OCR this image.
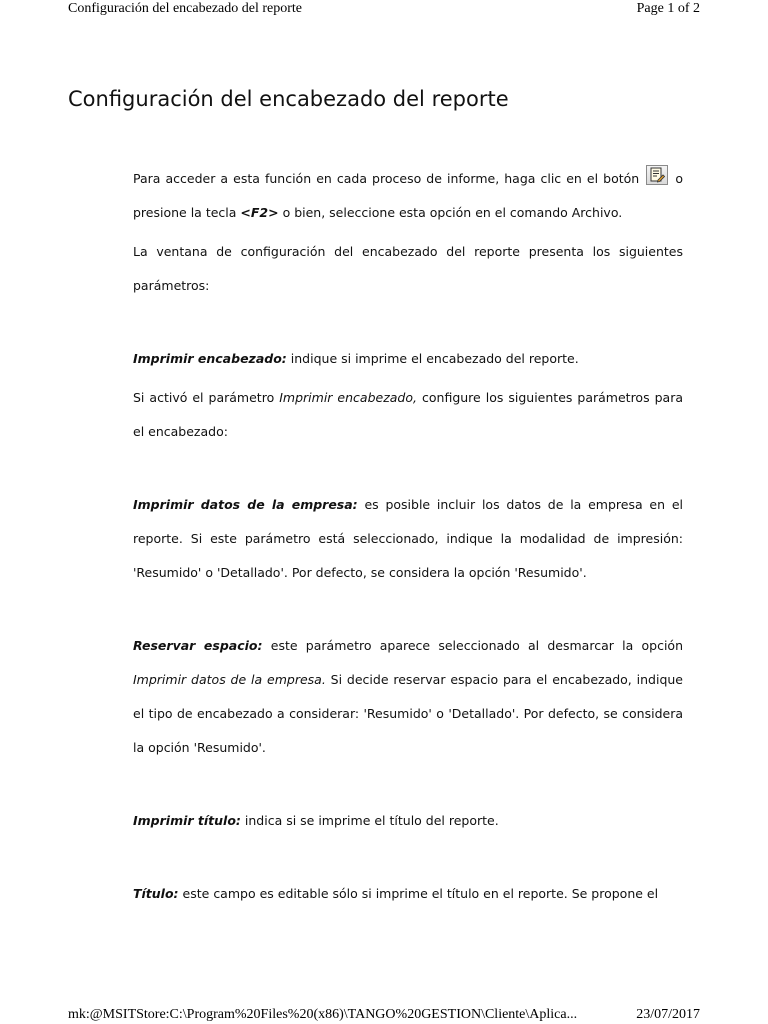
Configuración del encabezado del reporte	Page 1 of 2
Configuración del encabezado del reporte

Para acceder a esta función en cada proceso de informe, haga clic en el botón	o presione la tecla <F2> o bien, seleccione esta opción en el comando Archivo.

La ventana de configuración del encabezado del reporte presenta los siguientes parámetros:

Imprimir encabezado: indique si imprime el encabezado del reporte.

Si activó el parámetro Imprimir encabezado, configure los siguientes parámetros para el encabezado:

Imprimir datos de la empresa: es posible incluir los datos de la empresa en el reporte. Si este parámetro está seleccionado, indique la modalidad de impresión: 'Resumido' o 'Detallado'. Por defecto, se considera la opción 'Resumido'.

Reservar espacio: este parámetro aparece seleccionado al desmarcar la opción Imprimir datos de la empresa. Si decide reservar espacio para el encabezado, indique el tipo de encabezado a considerar: 'Resumido' o 'Detallado'. Por defecto, se considera la opción 'Resumido'.

Imprimir título: indica si se imprime el título del reporte.

Título: este campo es editable sólo si imprime el título en el reporte. Se propone el

mk:@MSITStore:C:\Program%20Files%20(x86)\TANGO%20GESTION\Cliente\Aplica...	23/07/2017
